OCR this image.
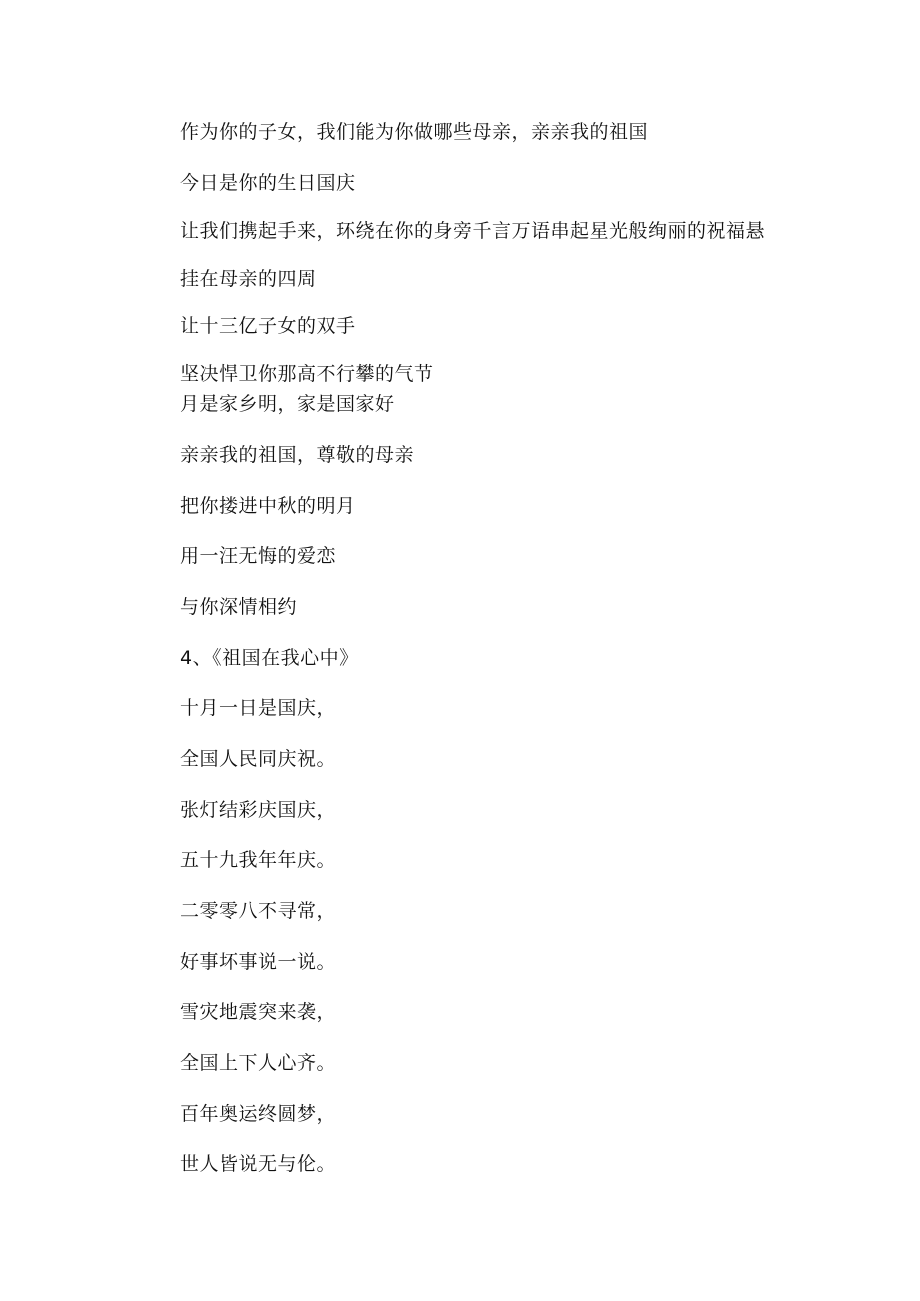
作为你的子女，我们能为你做哪些母亲，亲亲我的祖国

今日是你的生日国庆

让我们携起手来，环绕在你的身旁千言万语串起星光般绚丽的祝福悬

挂在母亲的四周

让十三亿子女的双手

坚决悍卫你那高不行攀的气节

月是家乡明，家是国家好

亲亲我的祖国，尊敬的母亲

把你搂进中秋的明月

用一汪无悔的爱恋

与你深情相约

4、《祖国在我心中》

十月一日是国庆，

全国人民同庆祝。

张灯结彩庆国庆，

五十九我年年庆。

二零零八不寻常，

好事坏事说一说。

雪灾地震突来袭，

全国上下人心齐。

百年奥运终圆梦，

世人皆说无与伦。
